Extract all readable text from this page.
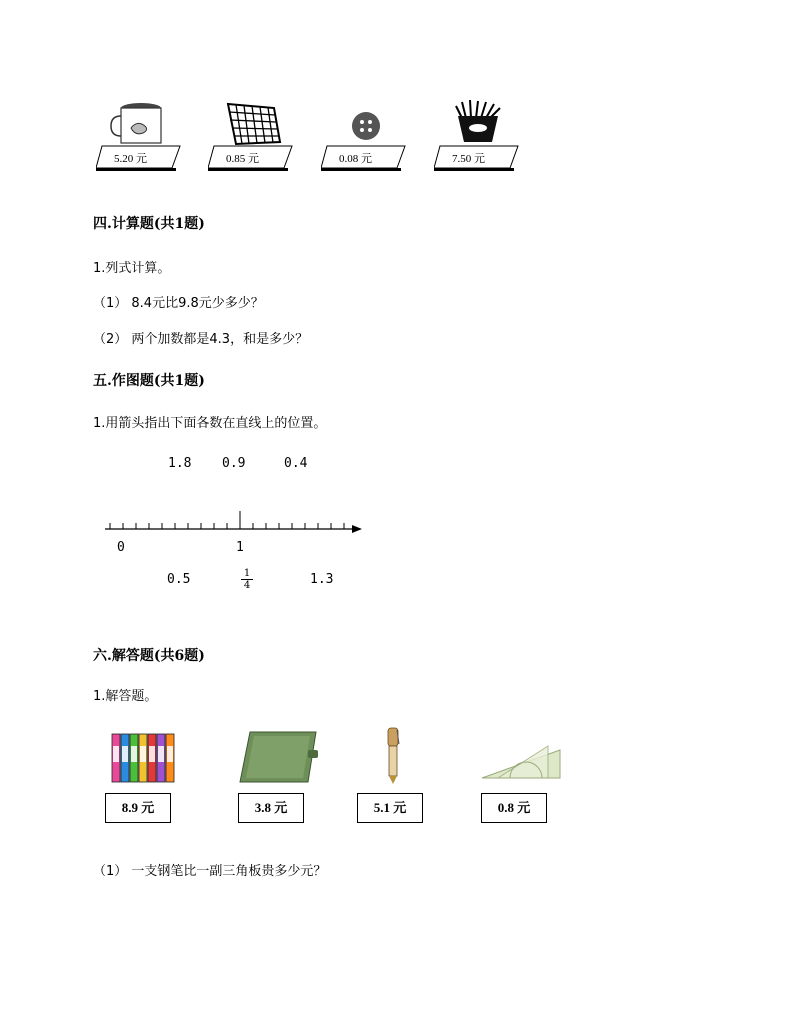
5.20 元	0.85 元	0.08 元	7.50 元
四.计算题(共1题)
1.列式计算。
（1） 8.4元比9.8元少多少？
（2） 两个加数都是4.3，和是多少？
五.作图题(共1题)
1.用箭头指出下面各数在直线上的位置。
1.8 0.9	0.4
0	1
0.5	$\frac{1}{4}$	1.3
六.解答题(共6题)
1.解答题。
8.9 元	3.8 元	5.1 元	0.8 元
（1） 一支钢笔比一副三角板贵多少元？
